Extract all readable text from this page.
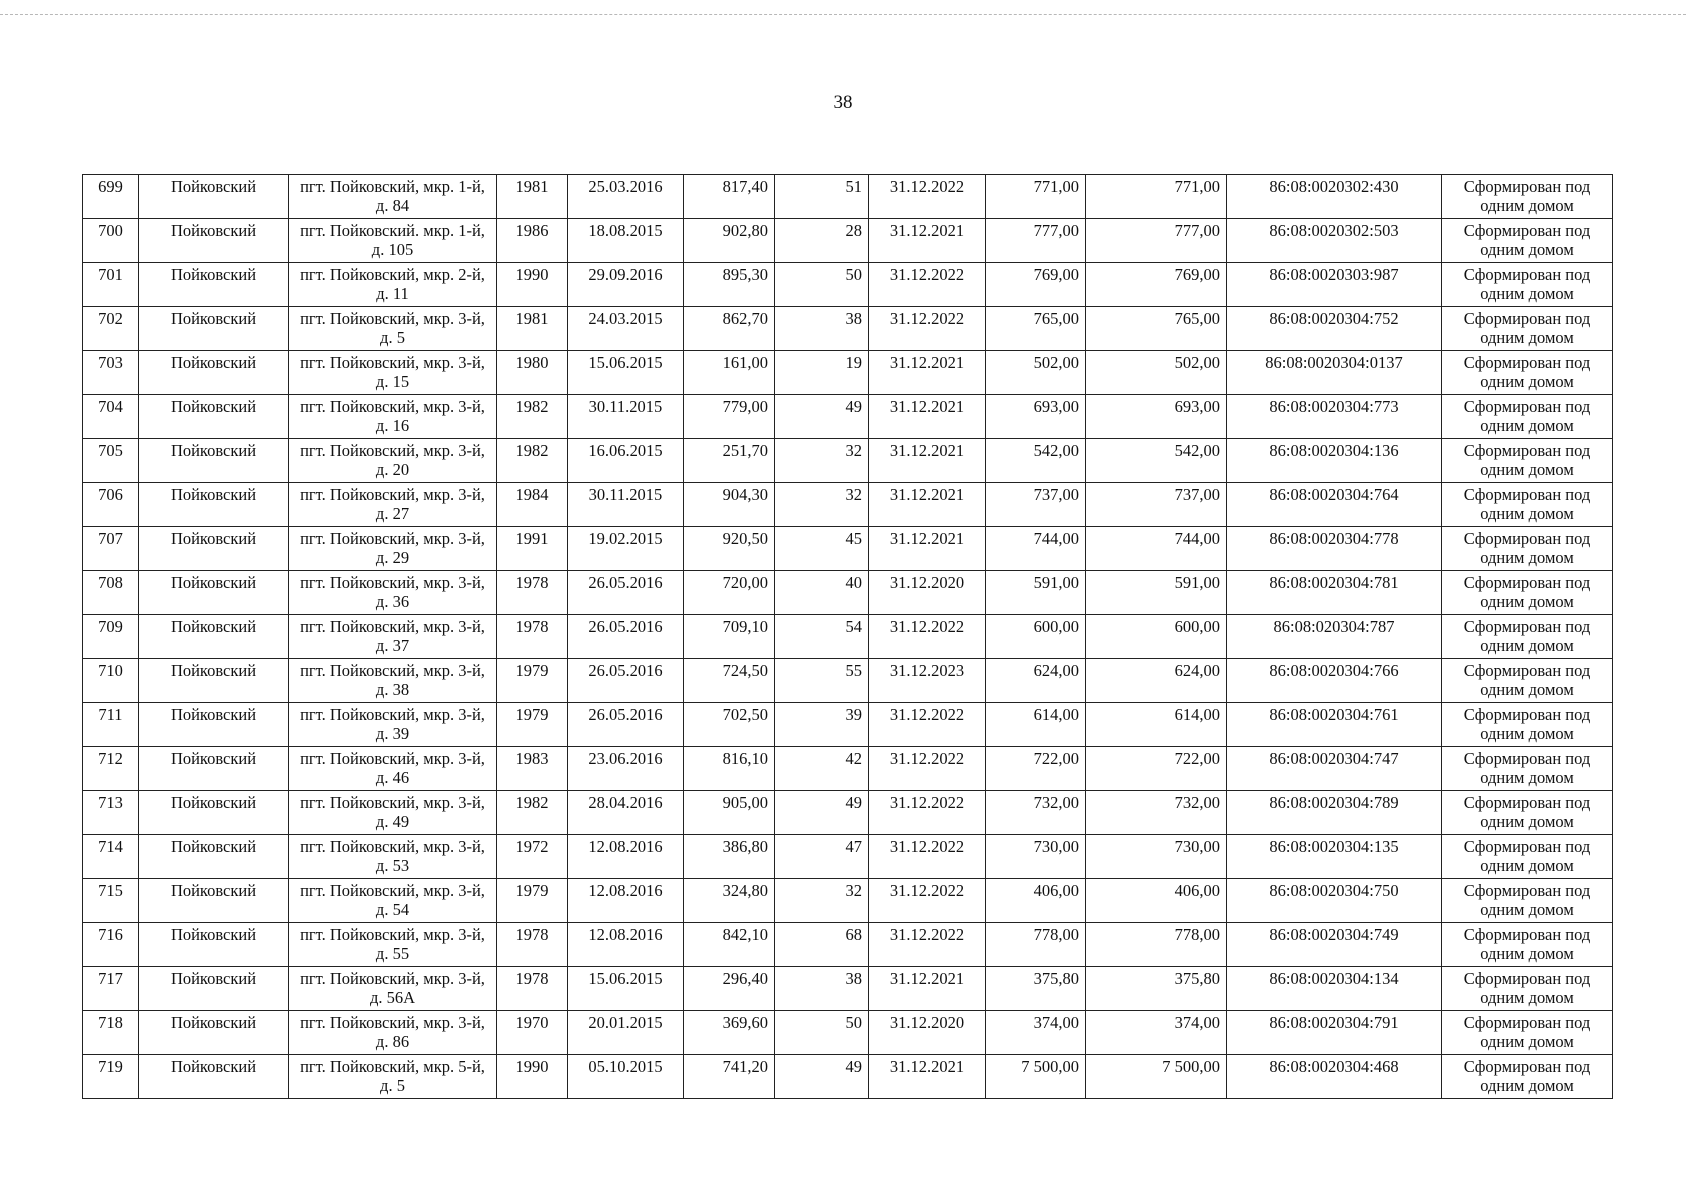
38
699	Пойковский	пгт. Пойковский, мкр. 1-й, д. 84	1981	25.03.2016	817,40	51	31.12.2022	771,00	771,00	86:08:0020302:430	Сформирован под одним домом
700	Пойковский	пгт. Пойковский. мкр. 1-й, д. 105	1986	18.08.2015	902,80	28	31.12.2021	777,00	777,00	86:08:0020302:503	Сформирован под одним домом
701	Пойковский	пгт. Пойковский, мкр. 2-й, д. 11	1990	29.09.2016	895,30	50	31.12.2022	769,00	769,00	86:08:0020303:987	Сформирован под одним домом
702	Пойковский	пгт. Пойковский, мкр. 3-й, д. 5	1981	24.03.2015	862,70	38	31.12.2022	765,00	765,00	86:08:0020304:752	Сформирован под одним домом
703	Пойковский	пгт. Пойковский, мкр. 3-й, д. 15	1980	15.06.2015	161,00	19	31.12.2021	502,00	502,00	86:08:0020304:0137	Сформирован под одним домом
704	Пойковский	пгт. Пойковский, мкр. 3-й, д. 16	1982	30.11.2015	779,00	49	31.12.2021	693,00	693,00	86:08:0020304:773	Сформирован под одним домом
705	Пойковский	пгт. Пойковский, мкр. 3-й, д. 20	1982	16.06.2015	251,70	32	31.12.2021	542,00	542,00	86:08:0020304:136	Сформирован под одним домом
706	Пойковский	пгт. Пойковский, мкр. 3-й, д. 27	1984	30.11.2015	904,30	32	31.12.2021	737,00	737,00	86:08:0020304:764	Сформирован под одним домом
707	Пойковский	пгт. Пойковский, мкр. 3-й, д. 29	1991	19.02.2015	920,50	45	31.12.2021	744,00	744,00	86:08:0020304:778	Сформирован под одним домом
708	Пойковский	пгт. Пойковский, мкр. 3-й, д. 36	1978	26.05.2016	720,00	40	31.12.2020	591,00	591,00	86:08:0020304:781	Сформирован под одним домом
709	Пойковский	пгт. Пойковский, мкр. 3-й, д. 37	1978	26.05.2016	709,10	54	31.12.2022	600,00	600,00	86:08:020304:787	Сформирован под одним домом
710	Пойковский	пгт. Пойковский, мкр. 3-й, д. 38	1979	26.05.2016	724,50	55	31.12.2023	624,00	624,00	86:08:0020304:766	Сформирован под одним домом
711	Пойковский	пгт. Пойковский, мкр. 3-й, д. 39	1979	26.05.2016	702,50	39	31.12.2022	614,00	614,00	86:08:0020304:761	Сформирован под одним домом
712	Пойковский	пгт. Пойковский, мкр. 3-й, д. 46	1983	23.06.2016	816,10	42	31.12.2022	722,00	722,00	86:08:0020304:747	Сформирован под одним домом
713	Пойковский	пгт. Пойковский, мкр. 3-й, д. 49	1982	28.04.2016	905,00	49	31.12.2022	732,00	732,00	86:08:0020304:789	Сформирован под одним домом
714	Пойковский	пгт. Пойковский, мкр. 3-й, д. 53	1972	12.08.2016	386,80	47	31.12.2022	730,00	730,00	86:08:0020304:135	Сформирован под одним домом
715	Пойковский	пгт. Пойковский, мкр. 3-й, д. 54	1979	12.08.2016	324,80	32	31.12.2022	406,00	406,00	86:08:0020304:750	Сформирован под одним домом
716	Пойковский	пгт. Пойковский, мкр. 3-й, д. 55	1978	12.08.2016	842,10	68	31.12.2022	778,00	778,00	86:08:0020304:749	Сформирован под одним домом
717	Пойковский	пгт. Пойковский, мкр. 3-й, д. 56А	1978	15.06.2015	296,40	38	31.12.2021	375,80	375,80	86:08:0020304:134	Сформирован под одним домом
718	Пойковский	пгт. Пойковский, мкр. 3-й, д. 86	1970	20.01.2015	369,60	50	31.12.2020	374,00	374,00	86:08:0020304:791	Сформирован под одним домом
719	Пойковский	пгт. Пойковский, мкр. 5-й, д. 5	1990	05.10.2015	741,20	49	31.12.2021	7 500,00	7 500,00	86:08:0020304:468	Сформирован под одним домом
